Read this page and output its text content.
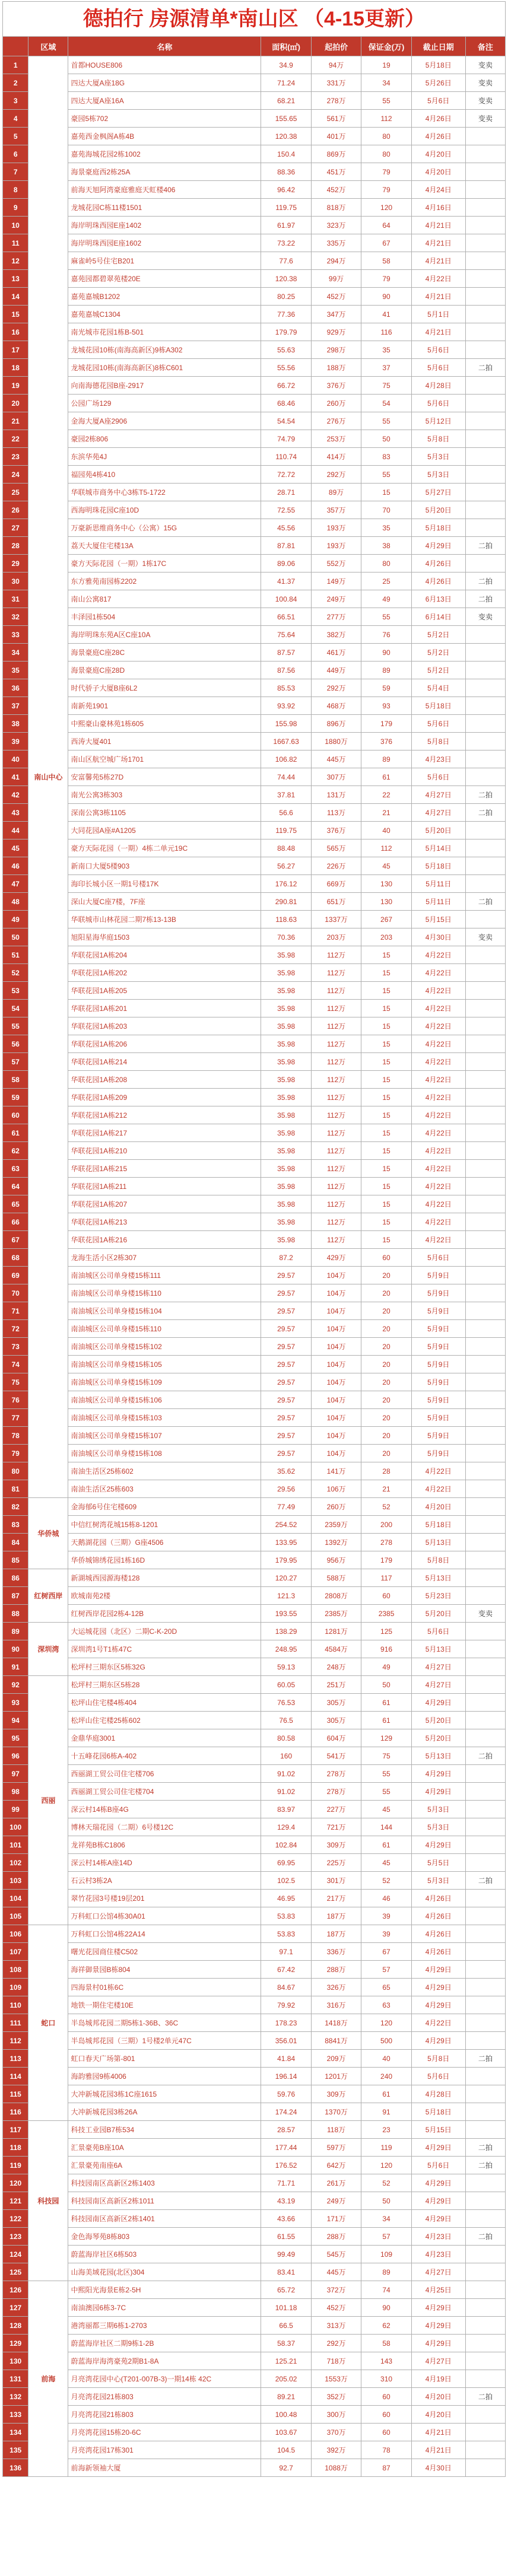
德拍行 房源清单*南山区 （4-15更新）
	区域	名称	面积(㎡)	起拍价	保证金(万)	截止日期	备注
1	南山中心	首都HOUSE806	34.9	94万	19	5月18日	变卖
2		四达大厦A座18G	71.24	331万	34	5月26日	变卖
3		四达大厦A座16A	68.21	278万	55	5月6日	变卖
4		豪园5栋702	155.65	561万	112	4月26日	变卖
5		嘉苑西金枫阁A栋4B	120.38	401万	80	4月26日	
6		嘉苑海城花园2栋1002	150.4	869万	80	4月20日	
7		海景豪庭西2栋25A	88.36	451万	79	4月20日	
8		前海天旭阿湾豪庭雅庭天虹楼406	96.42	452万	79	4月24日	
9		龙城花园C栋11楼1501	119.75	818万	120	4月16日	
10		海岸明珠西园E座1402	61.97	323万	64	4月21日	
11		海岸明珠西园E座1602	73.22	335万	67	4月21日	
12		麻雀岭5号住宅B201	77.6	294万	58	4月21日	
13		嘉苑园都碧翠苑楼20E	120.38	99万	79	4月22日	
14		嘉苑嘉城B1202	80.25	452万	90	4月21日	
15		嘉苑嘉城C1304	77.36	347万	41	5月1日	
16		南光城市花园1栋B-501	179.79	929万	116	4月21日	
17		龙城花园10栋(南海高新区)9栋A302	55.63	298万	35	5月6日	
18		龙城花园10栋(南海高新区)8栋C601	55.56	188万	37	5月6日	二拍
19		向南海德花园B座-2917	66.72	376万	75	4月28日	
20		公园广场129	68.46	260万	54	5月6日	
21		金海大厦A座2906	54.54	276万	55	5月12日	
22		豪园2栋806	74.79	253万	50	5月8日	
23		东滨华苑4J	110.74	414万	83	5月3日	
24		福园苑4栋410	72.72	292万	55	5月3日	
25		华联城市商务中心3栋T5-1722	28.71	89万	15	5月27日	
26		西海明珠花园C座10D	72.55	357万	70	5月20日	
27		万豪新思维商务中心（公寓）15G	45.56	193万	35	5月18日	
28		荔天大厦住宅楼13A	87.81	193万	38	4月29日	二拍
29		豪方天际花园（一期）1栋17C	89.06	552万	80	4月26日	
30		东方雅苑南园栋2202	41.37	149万	25	4月26日	二拍
31		南山公寓817	100.84	249万	49	6月13日	二拍
32		丰泽园1栋504	66.51	277万	55	6月14日	变卖
33		海岸明珠东苑A区C座10A	75.64	382万	76	5月2日	
34		海景豪庭C座28C	87.57	461万	90	5月2日	
35		海景豪庭C座28D	87.56	449万	89	5月2日	
36		时代骄子大厦B座6L2	85.53	292万	59	5月4日	
37		南新苑1901	93.92	468万	93	5月18日	
38		中熙豪山豪林苑1栋605	155.98	896万	179	5月6日	
39		西涛大厦401	1667.63	1880万	376	5月8日	
40		南山区航空城广场1701	106.82	445万	89	4月23日	
41		安富馨苑5栋27D	74.44	307万	61	5月6日	
42		南光公寓3栋303	37.81	131万	22	4月27日	二拍
43		深南公寓3栋1105	56.6	113万	21	4月27日	二拍
44		大同花园A座#A1205	119.75	376万	40	5月20日	
45		豪方天际花园（一期）4栋二单元19C	88.48	565万	112	5月14日	
46		新南口大厦5楼903	56.27	226万	45	5月18日	
47		海印长城小区一期1号楼17K	176.12	669万	130	5月11日	
48		深山大厦C座7楼，7F座	290.81	651万	130	5月11日	二拍
49		华联城市山林花园二期7栋13-13B	118.63	1337万	267	5月15日	
50		旭阳星海华庭1503	70.36	203万	203	4月30日	变卖
51		华联花园1A栋204	35.98	112万	15	4月22日	
52		华联花园1A栋202	35.98	112万	15	4月22日	
53		华联花园1A栋205	35.98	112万	15	4月22日	
54		华联花园1A栋201	35.98	112万	15	4月22日	
55		华联花园1A栋203	35.98	112万	15	4月22日	
56		华联花园1A栋206	35.98	112万	15	4月22日	
57		华联花园1A栋214	35.98	112万	15	4月22日	
58		华联花园1A栋208	35.98	112万	15	4月22日	
59		华联花园1A栋209	35.98	112万	15	4月22日	
60		华联花园1A栋212	35.98	112万	15	4月22日	
61		华联花园1A栋217	35.98	112万	15	4月22日	
62		华联花园1A栋210	35.98	112万	15	4月22日	
63		华联花园1A栋215	35.98	112万	15	4月22日	
64		华联花园1A栋211	35.98	112万	15	4月22日	
65		华联花园1A栋207	35.98	112万	15	4月22日	
66		华联花园1A栋213	35.98	112万	15	4月22日	
67		华联花园1A栋216	35.98	112万	15	4月22日	
68		龙海生活小区2栋307	87.2	429万	60	5月6日	
69		南油城区公司单身楼15栋111	29.57	104万	20	5月9日	
70		南油城区公司单身楼15栋110	29.57	104万	20	5月9日	
71		南油城区公司单身楼15栋104	29.57	104万	20	5月9日	
72		南油城区公司单身楼15栋110	29.57	104万	20	5月9日	
73		南油城区公司单身楼15栋102	29.57	104万	20	5月9日	
74		南油城区公司单身楼15栋105	29.57	104万	20	5月9日	
75		南油城区公司单身楼15栋109	29.57	104万	20	5月9日	
76		南油城区公司单身楼15栋106	29.57	104万	20	5月9日	
77		南油城区公司单身楼15栋103	29.57	104万	20	5月9日	
78		南油城区公司单身楼15栋107	29.57	104万	20	5月9日	
79		南油城区公司单身楼15栋108	29.57	104万	20	5月9日	
80		南油生活区25栋602	35.62	141万	28	4月22日	
81		南油生活区25栋603	29.56	106万	21	4月22日	
82	华侨城	金海郁6号住宅楼609	77.49	260万	52	4月20日	
83		中信红树湾花城15栋8-1201	254.52	2359万	200	5月18日	
84		天鹅湖花园（三期）G座4506	133.95	1392万	278	5月13日	
85		华侨城锦绣花园1栋16D	179.95	956万	179	5月8日	
86	红树西岸	新湖城西园源海楼128	120.27	588万	117	5月13日	
87		欧城南苑2楼	121.3	2808万	60	5月23日	
88		红树西岸花园2栋4-12B	193.55	2385万	2385	5月20日	变卖
89	深圳湾	大运城花园（北区）二期C-K-20D	138.29	1281万	125	5月6日	
90		深圳湾1号T1栋47C	248.95	4584万	916	5月13日	
91		松坪村三期东区5栋32G	59.13	248万	49	4月27日	
92	西丽	松坪村三期东区5栋28	60.05	251万	50	4月27日	
93		松坪山住宅楼4栋404	76.53	305万	61	4月29日	
94		松坪山住宅楼25栋602	76.5	305万	61	5月20日	
95		金鼎华庭3001	80.58	604万	129	5月20日	
96		十五峰花园6栋A-402	160	541万	75	5月13日	二拍
97		西丽湖工贸公司住宅楼706	91.02	278万	55	4月29日	
98		西丽湖工贸公司住宅楼704	91.02	278万	55	4月29日	
99		深云村14栋B座4G	83.97	227万	45	5月3日	
100		博林天瑞花园（二期）6号楼12C	129.4	721万	144	5月3日	
101		龙祥苑B栋C1806	102.84	309万	61	4月29日	
102		深云村14栋A座14D	69.95	225万	45	5月5日	
103		石云村3栋2A	102.5	301万	52	5月3日	二拍
104		翠竹花园3号楼19层201	46.95	217万	46	4月26日	
105		万科虹口公馆4栋30A01	53.83	187万	39	4月26日	
106	蛇口	万科虹口公馆4栋22A14	53.83	187万	39	4月26日	
107		曙光花园商住楼C502	97.1	336万	67	4月26日	
108		海祥御景园B栋804	67.42	288万	57	4月29日	
109		四海景村01栋6C	84.67	326万	65	4月29日	
110		地铁一期住宅楼10E	79.92	316万	63	4月29日	
111		半岛城邦花园二期5栋1-36B、36C	178.23	1418万	120	4月22日	
112		半岛城邦花园（三期）1号楼2单元47C	356.01	8841万	500	4月29日	
113		虹口春天广场第-801	41.84	209万	40	5月8日	二拍
114		海韵雅园9栋4006	196.14	1201万	240	5月6日	
115		大冲新城花园3栋1C座1615	59.76	309万	61	4月28日	
116		大冲新城花园3栋26A	174.24	1370万	91	5月18日	
117	科技园	科技工业园B7栋534	28.57	118万	23	5月15日	
118		汇景豪苑B座10A	177.44	597万	119	4月29日	二拍
119		汇景豪苑南座6A	176.52	642万	120	5月6日	二拍
120		科技园南区高新区2栋1403	71.71	261万	52	4月29日	
121		科技园南区高新区2栋1011	43.19	249万	50	4月29日	
122		科技园南区高新区2栋1401	43.66	171万	34	4月29日	
123		金色海琴苑8栋803	61.55	288万	57	4月23日	二拍
124		蔚蓝海岸社区6栋503	99.49	545万	109	4月23日	
125		山海美域花园(北区)304	83.41	445万	89	4月27日	
126	前海	中熙阳光海景E栋2-5H	65.72	372万	74	4月25日	
127		南油澳园6栋3-7C	101.18	452万	90	4月29日	
128		港湾丽都三期6栋1-2703	66.5	313万	62	4月29日	
129		蔚蓝海岸社区二期9栋1-2B	58.37	292万	58	4月29日	
130		蔚蓝海岸海湾豪苑2期B1-8A	125.21	718万	143	4月27日	
131		月亮湾花园中心(T201-007B-3)一期14栋 42C	205.02	1553万	310	4月19日	
132		月亮湾花园21栋803	89.21	352万	60	4月20日	二拍
133		月亮湾花园21栋803	100.48	300万	60	4月20日	
134		月亮湾花园15栋20-6C	103.67	370万	60	4月21日	
135		月亮湾花园17栋301	104.5	392万	78	4月21日	
136		前海新领袖大厦	92.7	1088万	87	4月30日	
